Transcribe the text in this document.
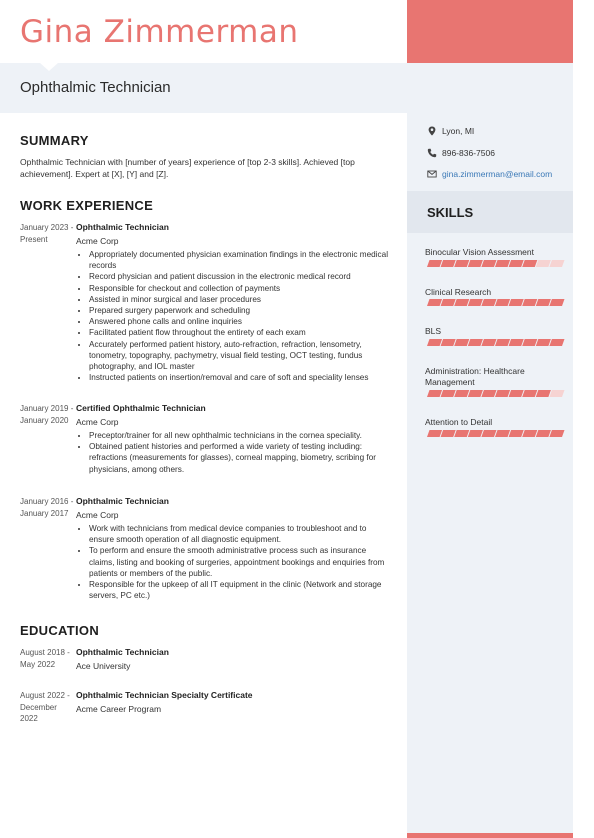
Gina Zimmerman
Ophthalmic Technician
SUMMARY
Ophthalmic Technician with [number of years] experience of [top 2-3 skills]. Achieved [top achievement]. Expert at [X], [Y] and [Z].
WORK EXPERIENCE
January 2023 - Present
Ophthalmic Technician
Acme Corp
• Appropriately documented physician examination findings in the electronic medical records
• Record physician and patient discussion in the electronic medical record
• Responsible for checkout and collection of payments
• Assisted in minor surgical and laser procedures
• Prepared surgery paperwork and scheduling
• Answered phone calls and online inquiries
• Facilitated patient flow throughout the entirety of each exam
• Accurately performed patient history, auto-refraction, refraction, lensometry, tonometry, topography, pachymetry, visual field testing, OCT testing, fundus photography, and IOL master
• Instructed patients on insertion/removal and care of soft and speciality lenses
January 2019 - January 2020
Certified Ophthalmic Technician
Acme Corp
• Preceptor/trainer for all new ophthalmic technicians in the cornea speciality.
• Obtained patient histories and performed a wide variety of testing including: refractions (measurements for glasses), corneal mapping, biometry, scribing for physicians, among others.
January 2016 - January 2017
Ophthalmic Technician
Acme Corp
• Work with technicians from medical device companies to troubleshoot and to ensure smooth operation of all diagnostic equipment.
• To perform and ensure the smooth administrative process such as insurance claims, listing and booking of surgeries, appointment bookings and enquiries from patients or members of the public.
• Responsible for the upkeep of all IT equipment in the clinic (Network and storage servers, PC etc.)
EDUCATION
August 2018 - May 2022
Ophthalmic Technician
Ace University
August 2022 - December 2022
Ophthalmic Technician Specialty Certificate
Acme Career Program
Lyon, MI
896-836-7506
gina.zimmerman@email.com
SKILLS
Binocular Vision Assessment
Clinical Research
BLS
Administration: Healthcare Management
Attention to Detail
